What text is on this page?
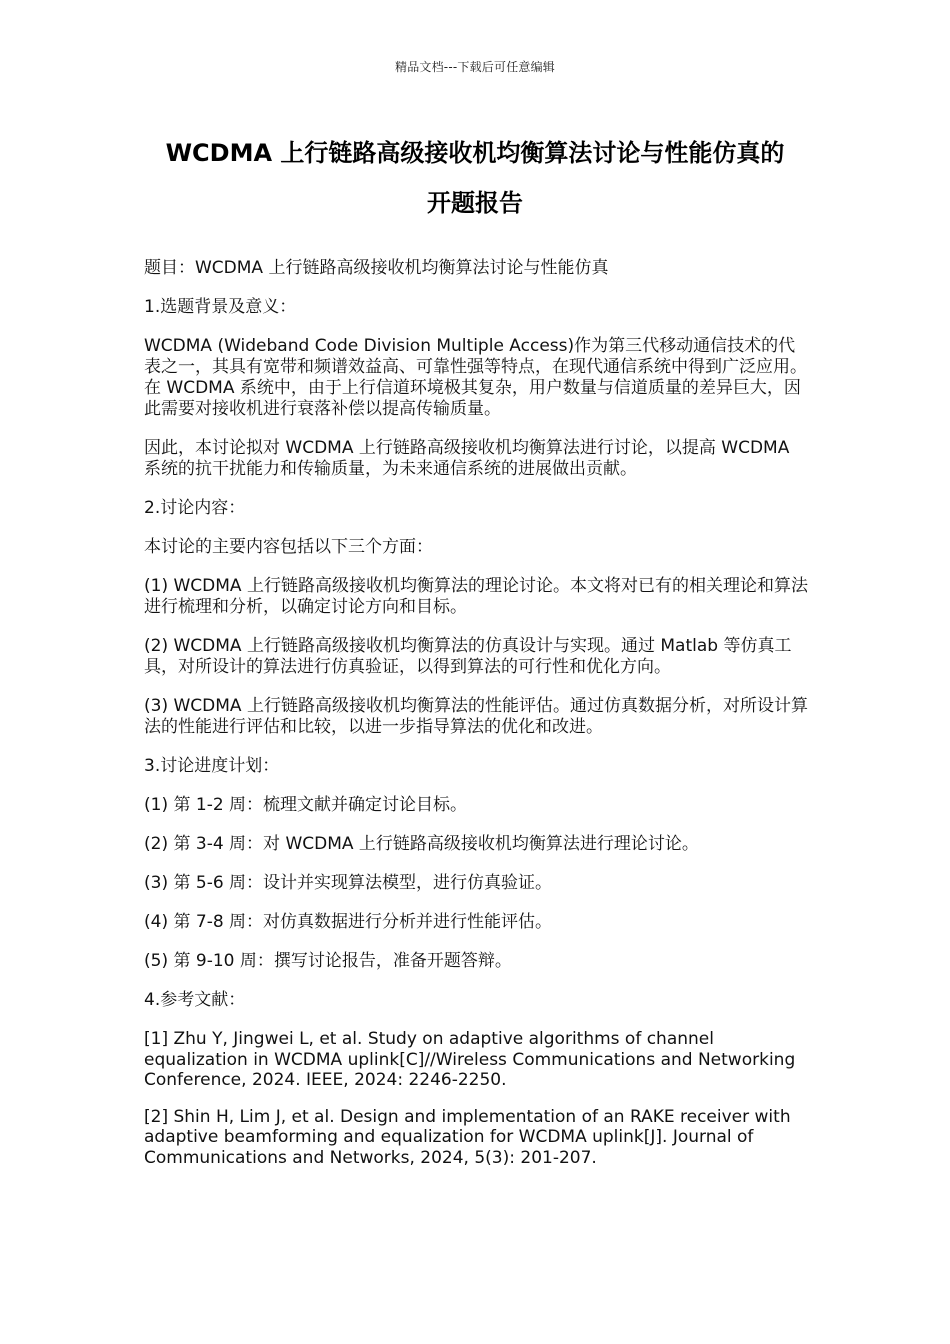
精品文档---下载后可任意编辑
WCDMA 上行链路高级接收机均衡算法讨论与性能仿真的
开题报告

题目：WCDMA 上行链路高级接收机均衡算法讨论与性能仿真

1.选题背景及意义：

WCDMA (Wideband Code Division Multiple Access)作为第三代移动通信技术的代表之一，其具有宽带和频谱效益高、可靠性强等特点，在现代通信系统中得到广泛应用。在 WCDMA 系统中，由于上行信道环境极其复杂，用户数量与信道质量的差异巨大，因此需要对接收机进行衰落补偿以提高传输质量。

因此，本讨论拟对 WCDMA 上行链路高级接收机均衡算法进行讨论，以提高 WCDMA 系统的抗干扰能力和传输质量，为未来通信系统的进展做出贡献。

2.讨论内容：

本讨论的主要内容包括以下三个方面：

(1) WCDMA 上行链路高级接收机均衡算法的理论讨论。本文将对已有的相关理论和算法进行梳理和分析，以确定讨论方向和目标。

(2) WCDMA 上行链路高级接收机均衡算法的仿真设计与实现。通过 Matlab 等仿真工具，对所设计的算法进行仿真验证，以得到算法的可行性和优化方向。

(3) WCDMA 上行链路高级接收机均衡算法的性能评估。通过仿真数据分析，对所设计算法的性能进行评估和比较，以进一步指导算法的优化和改进。

3.讨论进度计划：

(1) 第 1-2 周：梳理文献并确定讨论目标。

(2) 第 3-4 周：对 WCDMA 上行链路高级接收机均衡算法进行理论讨论。

(3) 第 5-6 周：设计并实现算法模型，进行仿真验证。

(4) 第 7-8 周：对仿真数据进行分析并进行性能评估。

(5) 第 9-10 周：撰写讨论报告，准备开题答辩。

4.参考文献：

[1] Zhu Y, Jingwei L, et al. Study on adaptive algorithms of channel equalization in WCDMA uplink[C]//Wireless Communications and Networking Conference, 2024. IEEE, 2024: 2246-2250.

[2] Shin H, Lim J, et al. Design and implementation of an RAKE receiver with adaptive beamforming and equalization for WCDMA uplink[J]. Journal of Communications and Networks, 2024, 5(3): 201-207.
